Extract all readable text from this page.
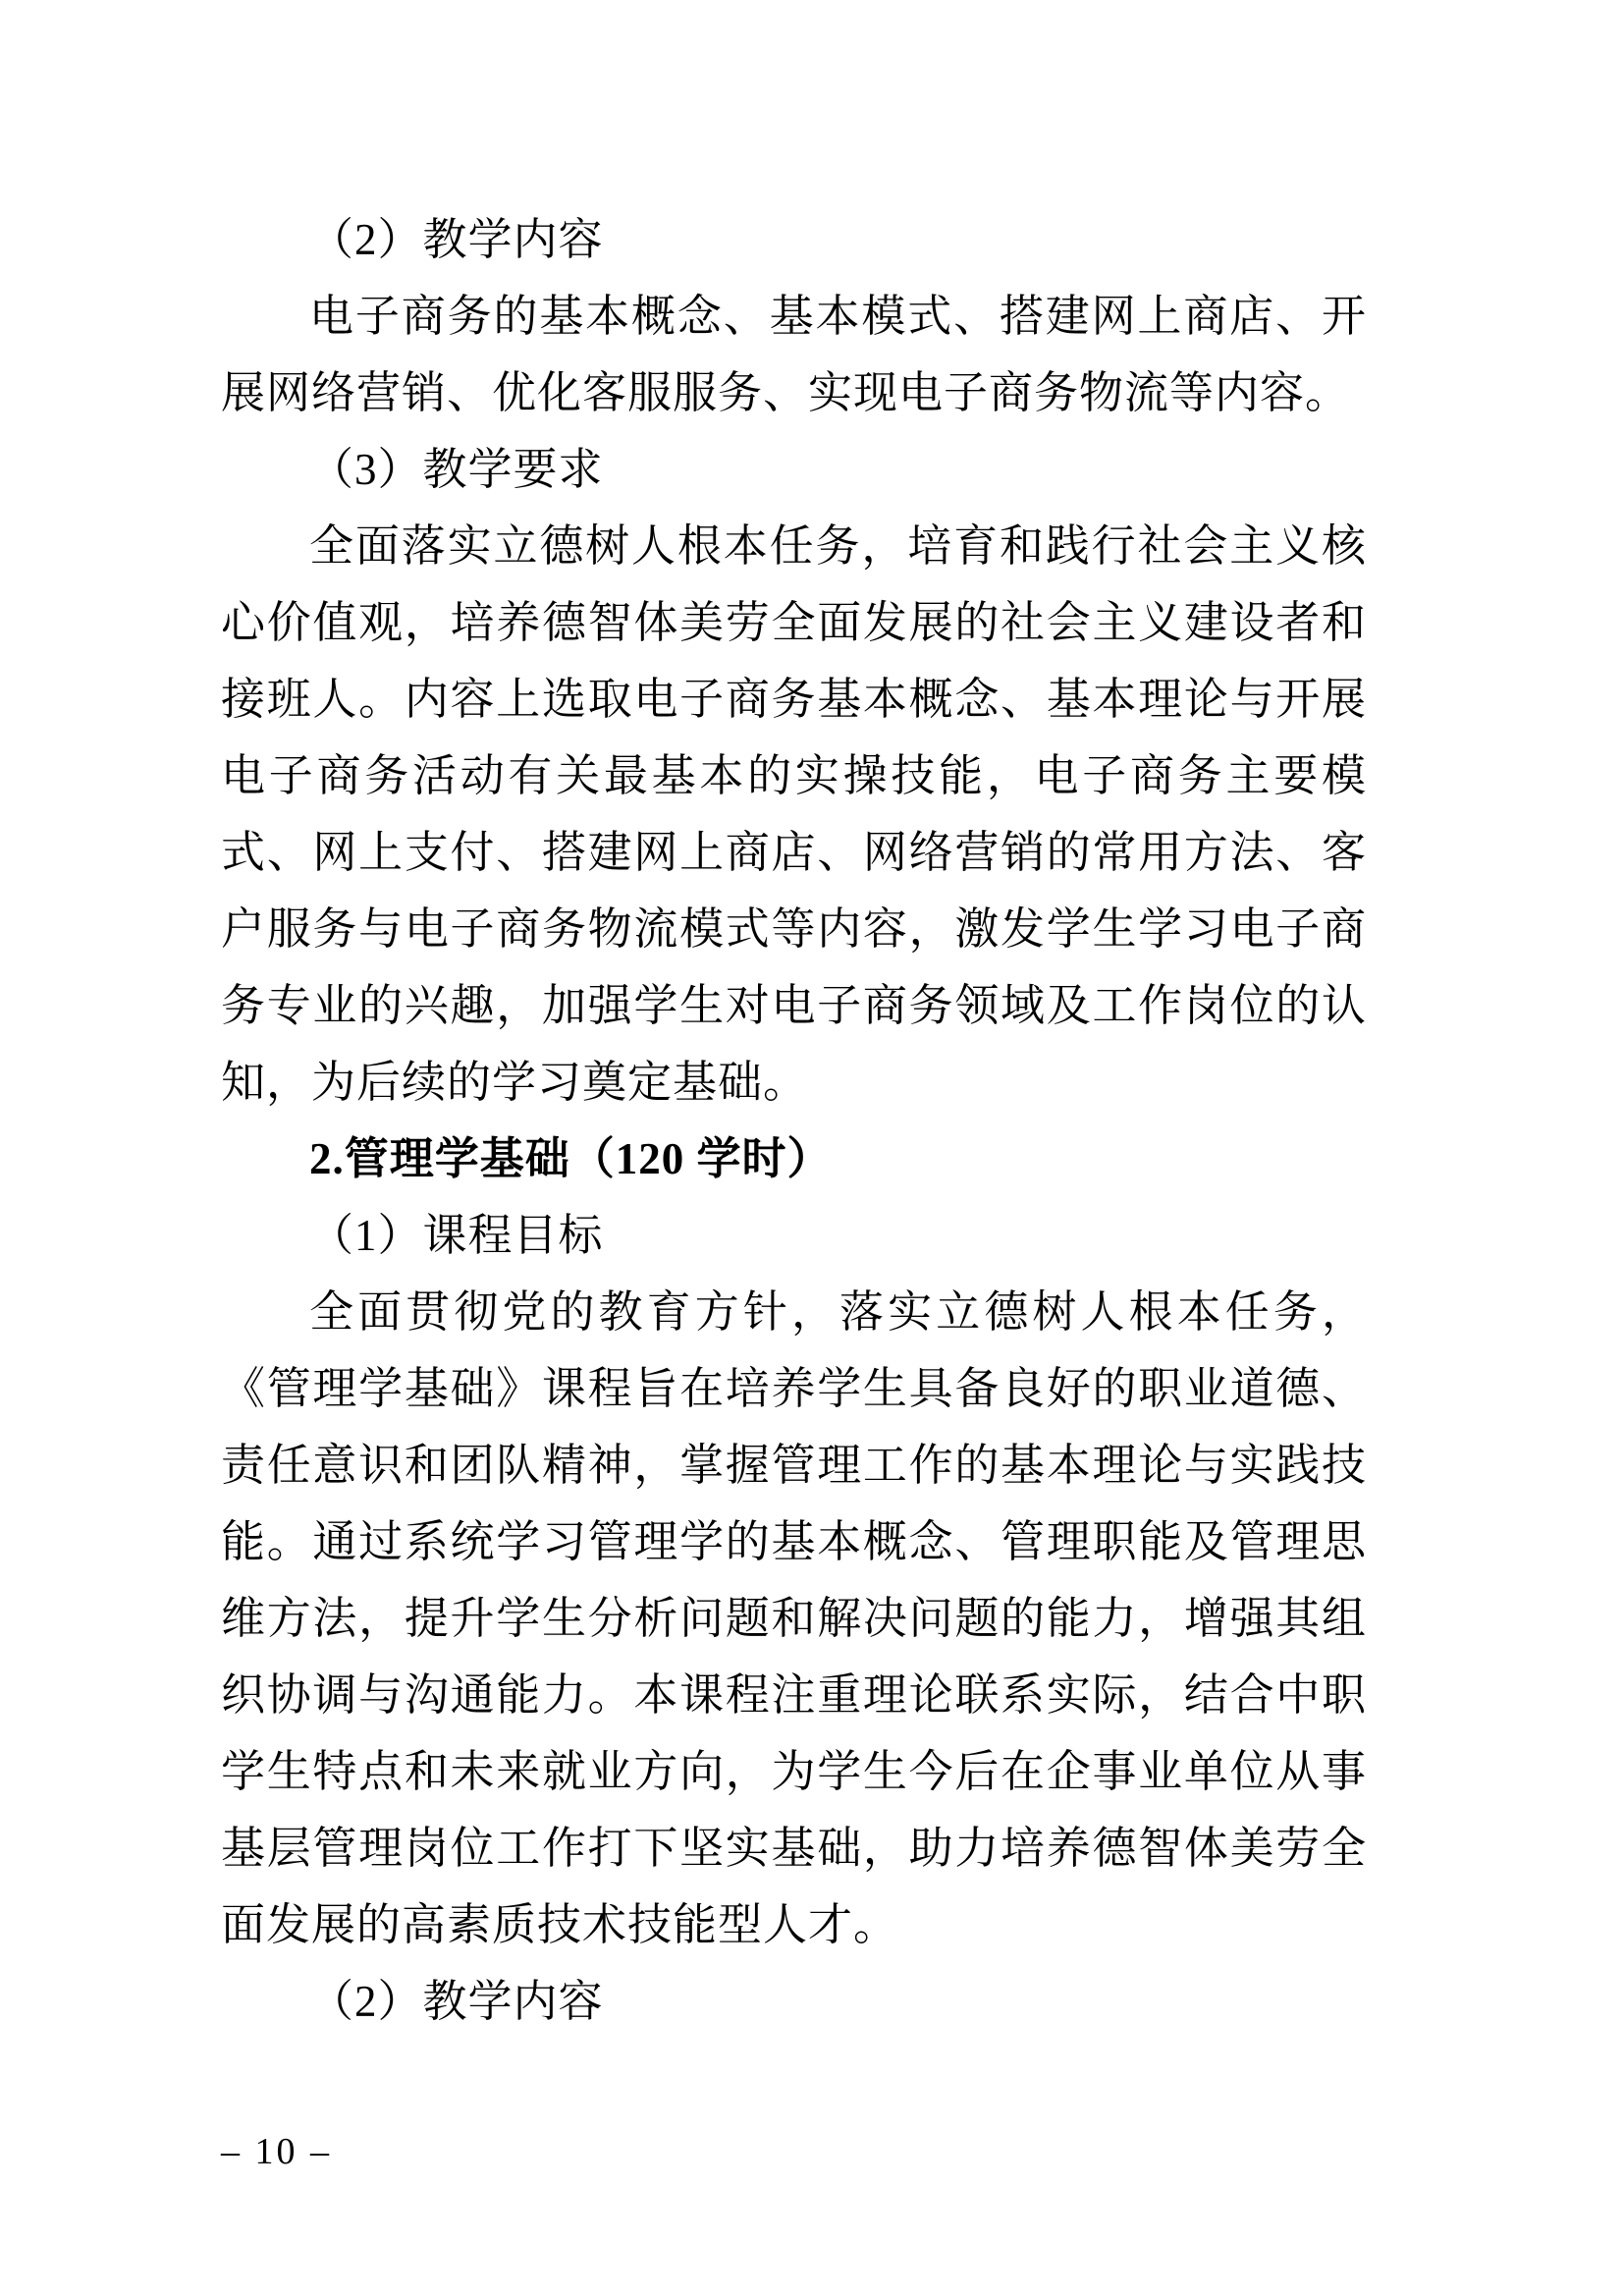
（2）教学内容

电子商务的基本概念、基本模式、搭建网上商店、开展网络营销、优化客服服务、实现电子商务物流等内容。

（3）教学要求

全面落实立德树人根本任务，培育和践行社会主义核心价值观，培养德智体美劳全面发展的社会主义建设者和接班人。内容上选取电子商务基本概念、基本理论与开展电子商务活动有关最基本的实操技能，电子商务主要模式、网上支付、搭建网上商店、网络营销的常用方法、客户服务与电子商务物流模式等内容，激发学生学习电子商务专业的兴趣，加强学生对电子商务领域及工作岗位的认知，为后续的学习奠定基础。

2.管理学基础（120 学时）

（1）课程目标

全面贯彻党的教育方针，落实立德树人根本任务，《管理学基础》课程旨在培养学生具备良好的职业道德、责任意识和团队精神，掌握管理工作的基本理论与实践技能。通过系统学习管理学的基本概念、管理职能及管理思维方法，提升学生分析问题和解决问题的能力，增强其组织协调与沟通能力。本课程注重理论联系实际，结合中职学生特点和未来就业方向，为学生今后在企事业单位从事基层管理岗位工作打下坚实基础，助力培养德智体美劳全面发展的高素质技术技能型人才。

（2）教学内容

– 10 –
